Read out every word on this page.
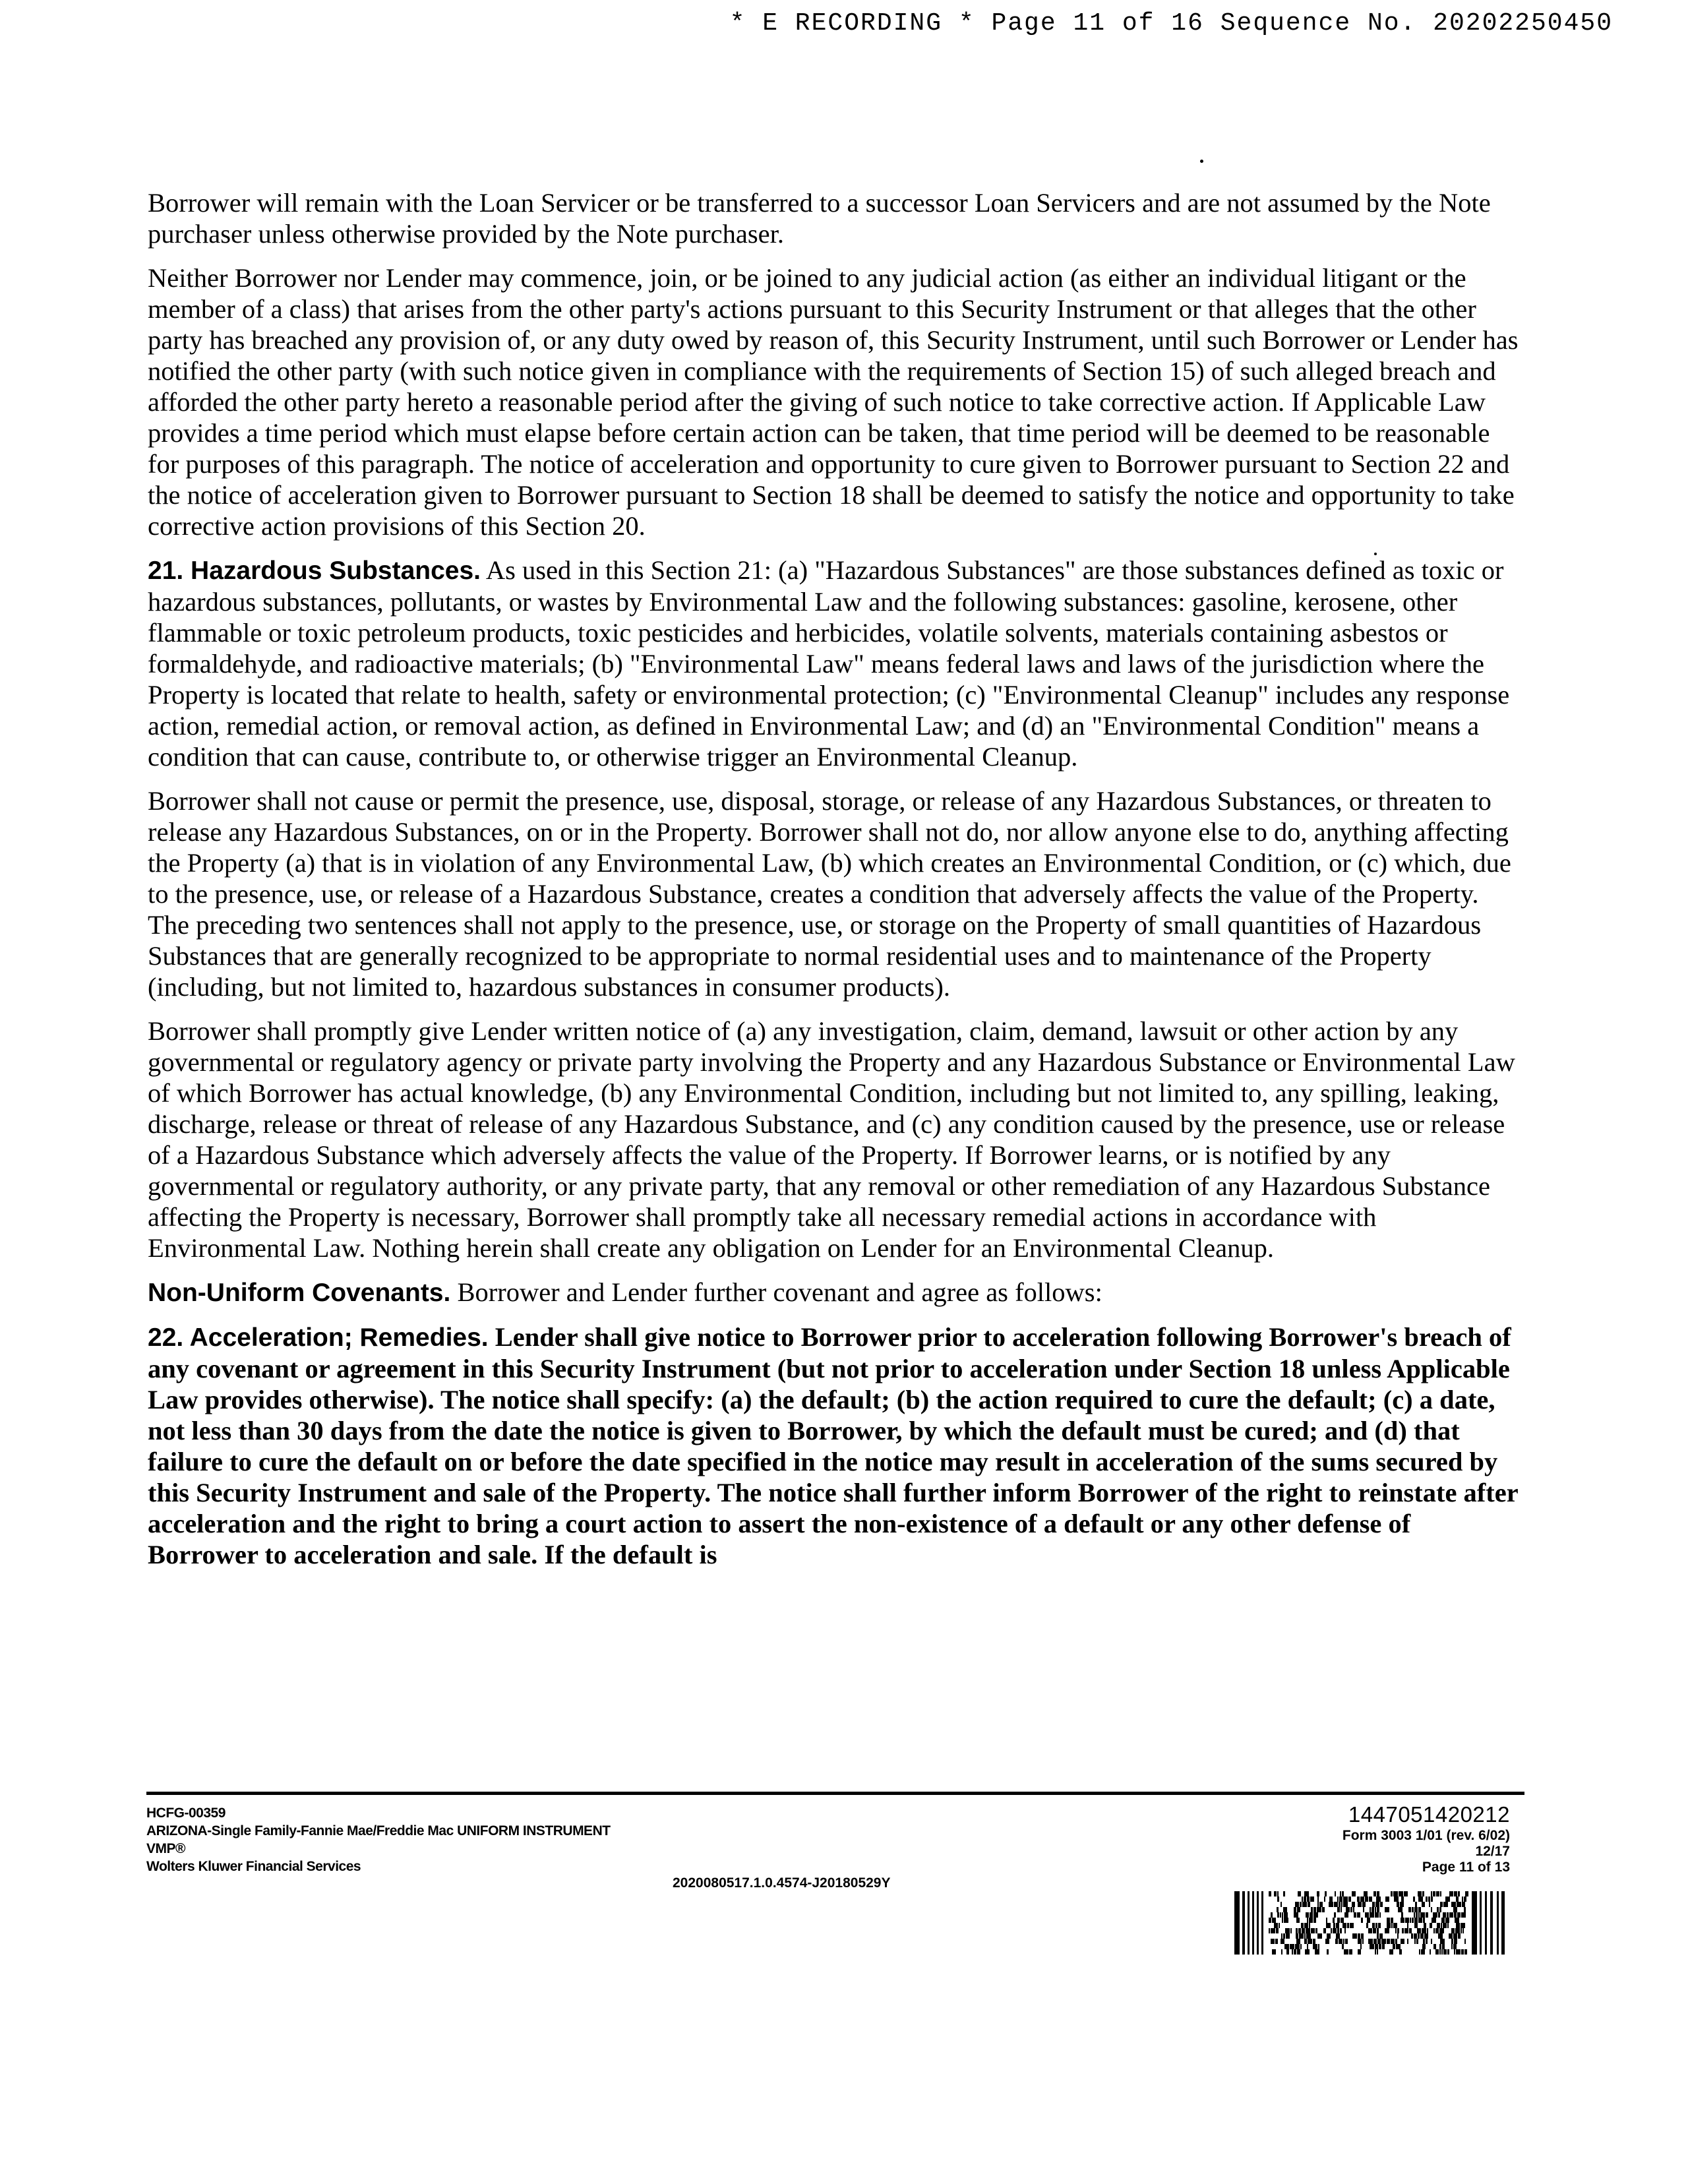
* E RECORDING * Page 11 of 16 Sequence No. 20202250450

Borrower will remain with the Loan Servicer or be transferred to a successor Loan Servicers and are not assumed by the Note purchaser unless otherwise provided by the Note purchaser.

Neither Borrower nor Lender may commence, join, or be joined to any judicial action (as either an individual litigant or the member of a class) that arises from the other party's actions pursuant to this Security Instrument or that alleges that the other party has breached any provision of, or any duty owed by reason of, this Security Instrument, until such Borrower or Lender has notified the other party (with such notice given in compliance with the requirements of Section 15) of such alleged breach and afforded the other party hereto a reasonable period after the giving of such notice to take corrective action. If Applicable Law provides a time period which must elapse before certain action can be taken, that time period will be deemed to be reasonable for purposes of this paragraph. The notice of acceleration and opportunity to cure given to Borrower pursuant to Section 22 and the notice of acceleration given to Borrower pursuant to Section 18 shall be deemed to satisfy the notice and opportunity to take corrective action provisions of this Section 20.

21. Hazardous Substances. As used in this Section 21: (a) "Hazardous Substances" are those substances defined as toxic or hazardous substances, pollutants, or wastes by Environmental Law and the following substances: gasoline, kerosene, other flammable or toxic petroleum products, toxic pesticides and herbicides, volatile solvents, materials containing asbestos or formaldehyde, and radioactive materials; (b) "Environmental Law" means federal laws and laws of the jurisdiction where the Property is located that relate to health, safety or environmental protection; (c) "Environmental Cleanup" includes any response action, remedial action, or removal action, as defined in Environmental Law; and (d) an "Environmental Condition" means a condition that can cause, contribute to, or otherwise trigger an Environmental Cleanup.

Borrower shall not cause or permit the presence, use, disposal, storage, or release of any Hazardous Substances, or threaten to release any Hazardous Substances, on or in the Property. Borrower shall not do, nor allow anyone else to do, anything affecting the Property (a) that is in violation of any Environmental Law, (b) which creates an Environmental Condition, or (c) which, due to the presence, use, or release of a Hazardous Substance, creates a condition that adversely affects the value of the Property. The preceding two sentences shall not apply to the presence, use, or storage on the Property of small quantities of Hazardous Substances that are generally recognized to be appropriate to normal residential uses and to maintenance of the Property (including, but not limited to, hazardous substances in consumer products).

Borrower shall promptly give Lender written notice of (a) any investigation, claim, demand, lawsuit or other action by any governmental or regulatory agency or private party involving the Property and any Hazardous Substance or Environmental Law of which Borrower has actual knowledge, (b) any Environmental Condition, including but not limited to, any spilling, leaking, discharge, release or threat of release of any Hazardous Substance, and (c) any condition caused by the presence, use or release of a Hazardous Substance which adversely affects the value of the Property. If Borrower learns, or is notified by any governmental or regulatory authority, or any private party, that any removal or other remediation of any Hazardous Substance affecting the Property is necessary, Borrower shall promptly take all necessary remedial actions in accordance with Environmental Law. Nothing herein shall create any obligation on Lender for an Environmental Cleanup.

Non-Uniform Covenants. Borrower and Lender further covenant and agree as follows:

22. Acceleration; Remedies. Lender shall give notice to Borrower prior to acceleration following Borrower's breach of any covenant or agreement in this Security Instrument (but not prior to acceleration under Section 18 unless Applicable Law provides otherwise). The notice shall specify: (a) the default; (b) the action required to cure the default; (c) a date, not less than 30 days from the date the notice is given to Borrower, by which the default must be cured; and (d) that failure to cure the default on or before the date specified in the notice may result in acceleration of the sums secured by this Security Instrument and sale of the Property. The notice shall further inform Borrower of the right to reinstate after acceleration and the right to bring a court action to assert the non-existence of a default or any other defense of Borrower to acceleration and sale. If the default is

HCFG-00359
ARIZONA-Single Family-Fannie Mae/Freddie Mac UNIFORM INSTRUMENT
VMP®
Wolters Kluwer Financial Services
2020080517.1.0.4574-J20180529Y
1447051420212
Form 3003 1/01 (rev. 6/02)
12/17
Page 11 of 13
